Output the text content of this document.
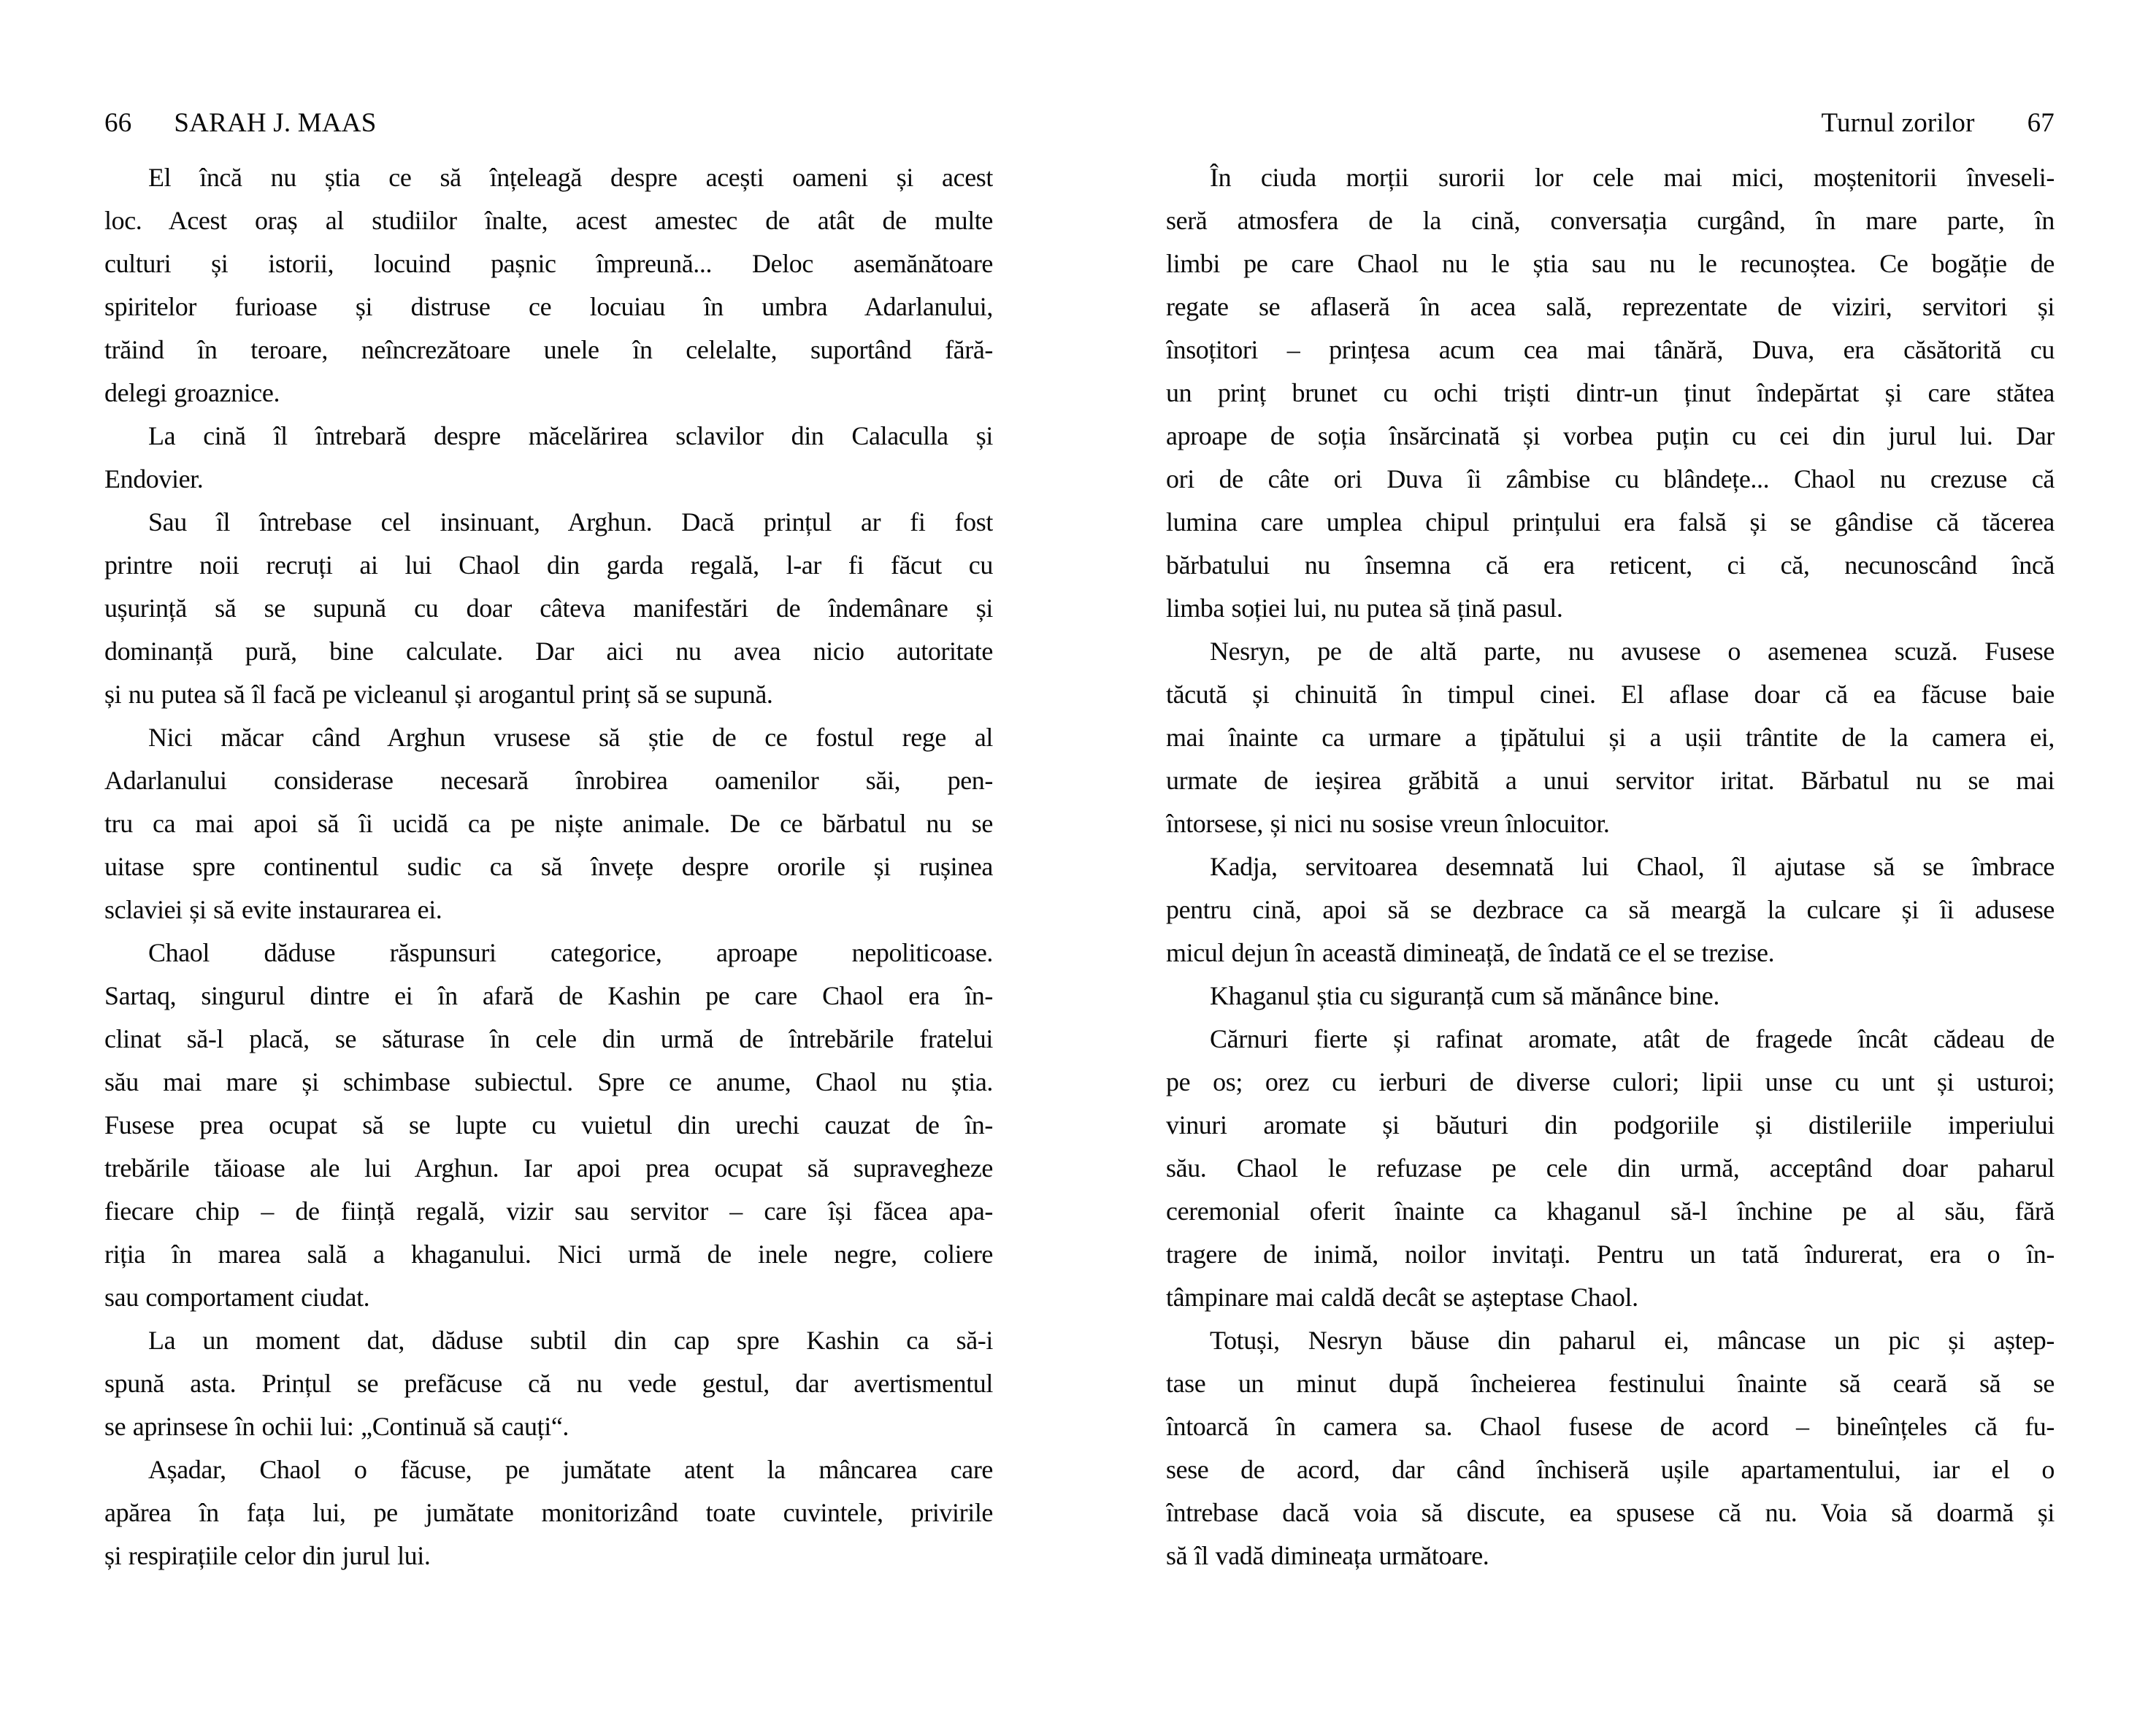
66 SARAH J. MAAS	Turnul zorilor 67
El încă nu știa ce să înțeleagă despre acești oameni și acest
loc. Acest oraș al studiilor înalte, acest amestec de atât de multe
culturi și istorii, locuind pașnic împreună... Deloc asemănătoare
spiritelor furioase și distruse ce locuiau în umbra Adarlanului,
trăind în teroare, neîncrezătoare unele în celelalte, suportând fără-
delegi groaznice.
La cină îl întrebară despre măcelărirea sclavilor din Calaculla și
Endovier.
Sau îl întrebase cel insinuant, Arghun. Dacă prințul ar fi fost
printre noii recruți ai lui Chaol din garda regală, l-ar fi făcut cu
ușurință să se supună cu doar câteva manifestări de îndemânare și
dominanță pură, bine calculate. Dar aici nu avea nicio autoritate
și nu putea să îl facă pe vicleanul și arogantul prinț să se supună.
Nici măcar când Arghun vrusese să știe de ce fostul rege al
Adarlanului considerase necesară înrobirea oamenilor săi, pen-
tru ca mai apoi să îi ucidă ca pe niște animale. De ce bărbatul nu se
uitase spre continentul sudic ca să învețe despre ororile și rușinea
sclaviei și să evite instaurarea ei.
Chaol dăduse răspunsuri categorice, aproape nepoliticoase.
Sartaq, singurul dintre ei în afară de Kashin pe care Chaol era în-
clinat să-l placă, se săturase în cele din urmă de întrebările fratelui
său mai mare și schimbase subiectul. Spre ce anume, Chaol nu știa.
Fusese prea ocupat să se lupte cu vuietul din urechi cauzat de în-
trebările tăioase ale lui Arghun. Iar apoi prea ocupat să supravegheze
fiecare chip – de ființă regală, vizir sau servitor – care își făcea apa-
riția în marea sală a khaganului. Nici urmă de inele negre, coliere
sau comportament ciudat.
La un moment dat, dăduse subtil din cap spre Kashin ca să-i
spună asta. Prințul se prefăcuse că nu vede gestul, dar avertismentul
se aprinsese în ochii lui: „Continuă să cauți“.
Așadar, Chaol o făcuse, pe jumătate atent la mâncarea care
apărea în fața lui, pe jumătate monitorizând toate cuvintele, privirile
și respirațiile celor din jurul lui.
În ciuda morții surorii lor cele mai mici, moștenitorii înveseli-
seră atmosfera de la cină, conversația curgând, în mare parte, în
limbi pe care Chaol nu le știa sau nu le recunoștea. Ce bogăție de
regate se aflaseră în acea sală, reprezentate de viziri, servitori și
însoțitori – prințesa acum cea mai tânără, Duva, era căsătorită cu
un prinț brunet cu ochi triști dintr-un ținut îndepărtat și care stătea
aproape de soția însărcinată și vorbea puțin cu cei din jurul lui. Dar
ori de câte ori Duva îi zâmbise cu blândețe... Chaol nu crezuse că
lumina care umplea chipul prințului era falsă și se gândise că tăcerea
bărbatului nu însemna că era reticent, ci că, necunoscând încă
limba soției lui, nu putea să țină pasul.
Nesryn, pe de altă parte, nu avusese o asemenea scuză. Fusese
tăcută și chinuită în timpul cinei. El aflase doar că ea făcuse baie
mai înainte ca urmare a țipătului și a ușii trântite de la camera ei,
urmate de ieșirea grăbită a unui servitor iritat. Bărbatul nu se mai
întorsese, și nici nu sosise vreun înlocuitor.
Kadja, servitoarea desemnată lui Chaol, îl ajutase să se îmbrace
pentru cină, apoi să se dezbrace ca să meargă la culcare și îi adusese
micul dejun în această dimineață, de îndată ce el se trezise.
Khaganul știa cu siguranță cum să mănânce bine.
Cărnuri fierte și rafinat aromate, atât de fragede încât cădeau de
pe os; orez cu ierburi de diverse culori; lipii unse cu unt și usturoi;
vinuri aromate și băuturi din podgoriile și distileriile imperiului
său. Chaol le refuzase pe cele din urmă, acceptând doar paharul
ceremonial oferit înainte ca khaganul să-l închine pe al său, fără
tragere de inimă, noilor invitați. Pentru un tată îndurerat, era o în-
tâmpinare mai caldă decât se așteptase Chaol.
Totuși, Nesryn băuse din paharul ei, mâncase un pic și aștep-
tase un minut după încheierea festinului înainte să ceară să se
întoarcă în camera sa. Chaol fusese de acord – bineînțeles că fu-
sese de acord, dar când închiseră ușile apartamentului, iar el o
întrebase dacă voia să discute, ea spusese că nu. Voia să doarmă și
să îl vadă dimineața următoare.
